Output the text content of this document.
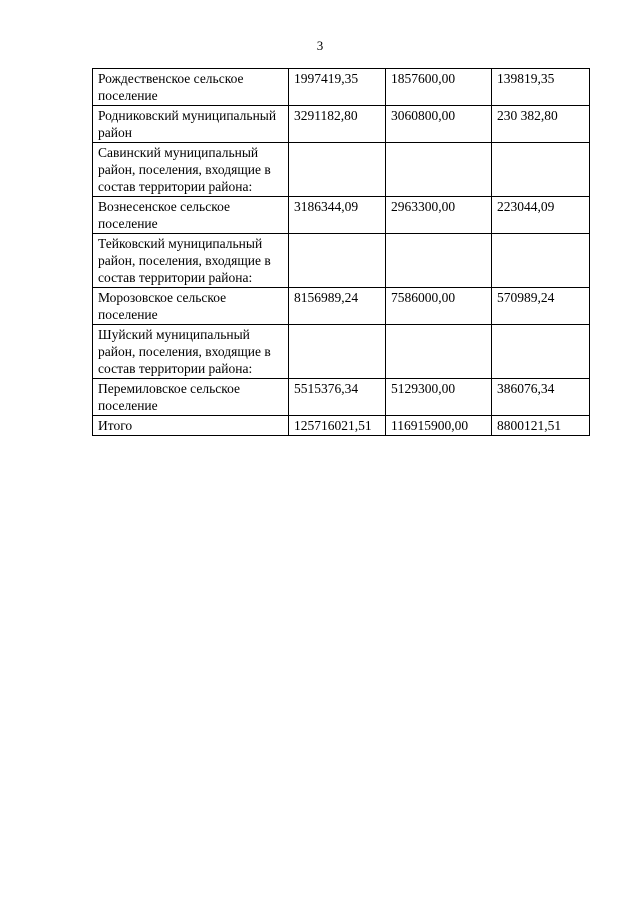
3
Рождественское сельское поселение	1997419,35	1857600,00	139819,35
Родниковский муниципальный район	3291182,80	3060800,00	230 382,80
Савинский муниципальный район, поселения, входящие в состав территории района:			
Вознесенское сельское поселение	3186344,09	2963300,00	223044,09
Тейковский муниципальный район, поселения, входящие в состав территории района:			
Морозовское сельское поселение	8156989,24	7586000,00	570989,24
Шуйский муниципальный район, поселения, входящие в состав территории района:			
Перемиловское сельское поселение	5515376,34	5129300,00	386076,34
Итого	125716021,51	116915900,00	8800121,51
